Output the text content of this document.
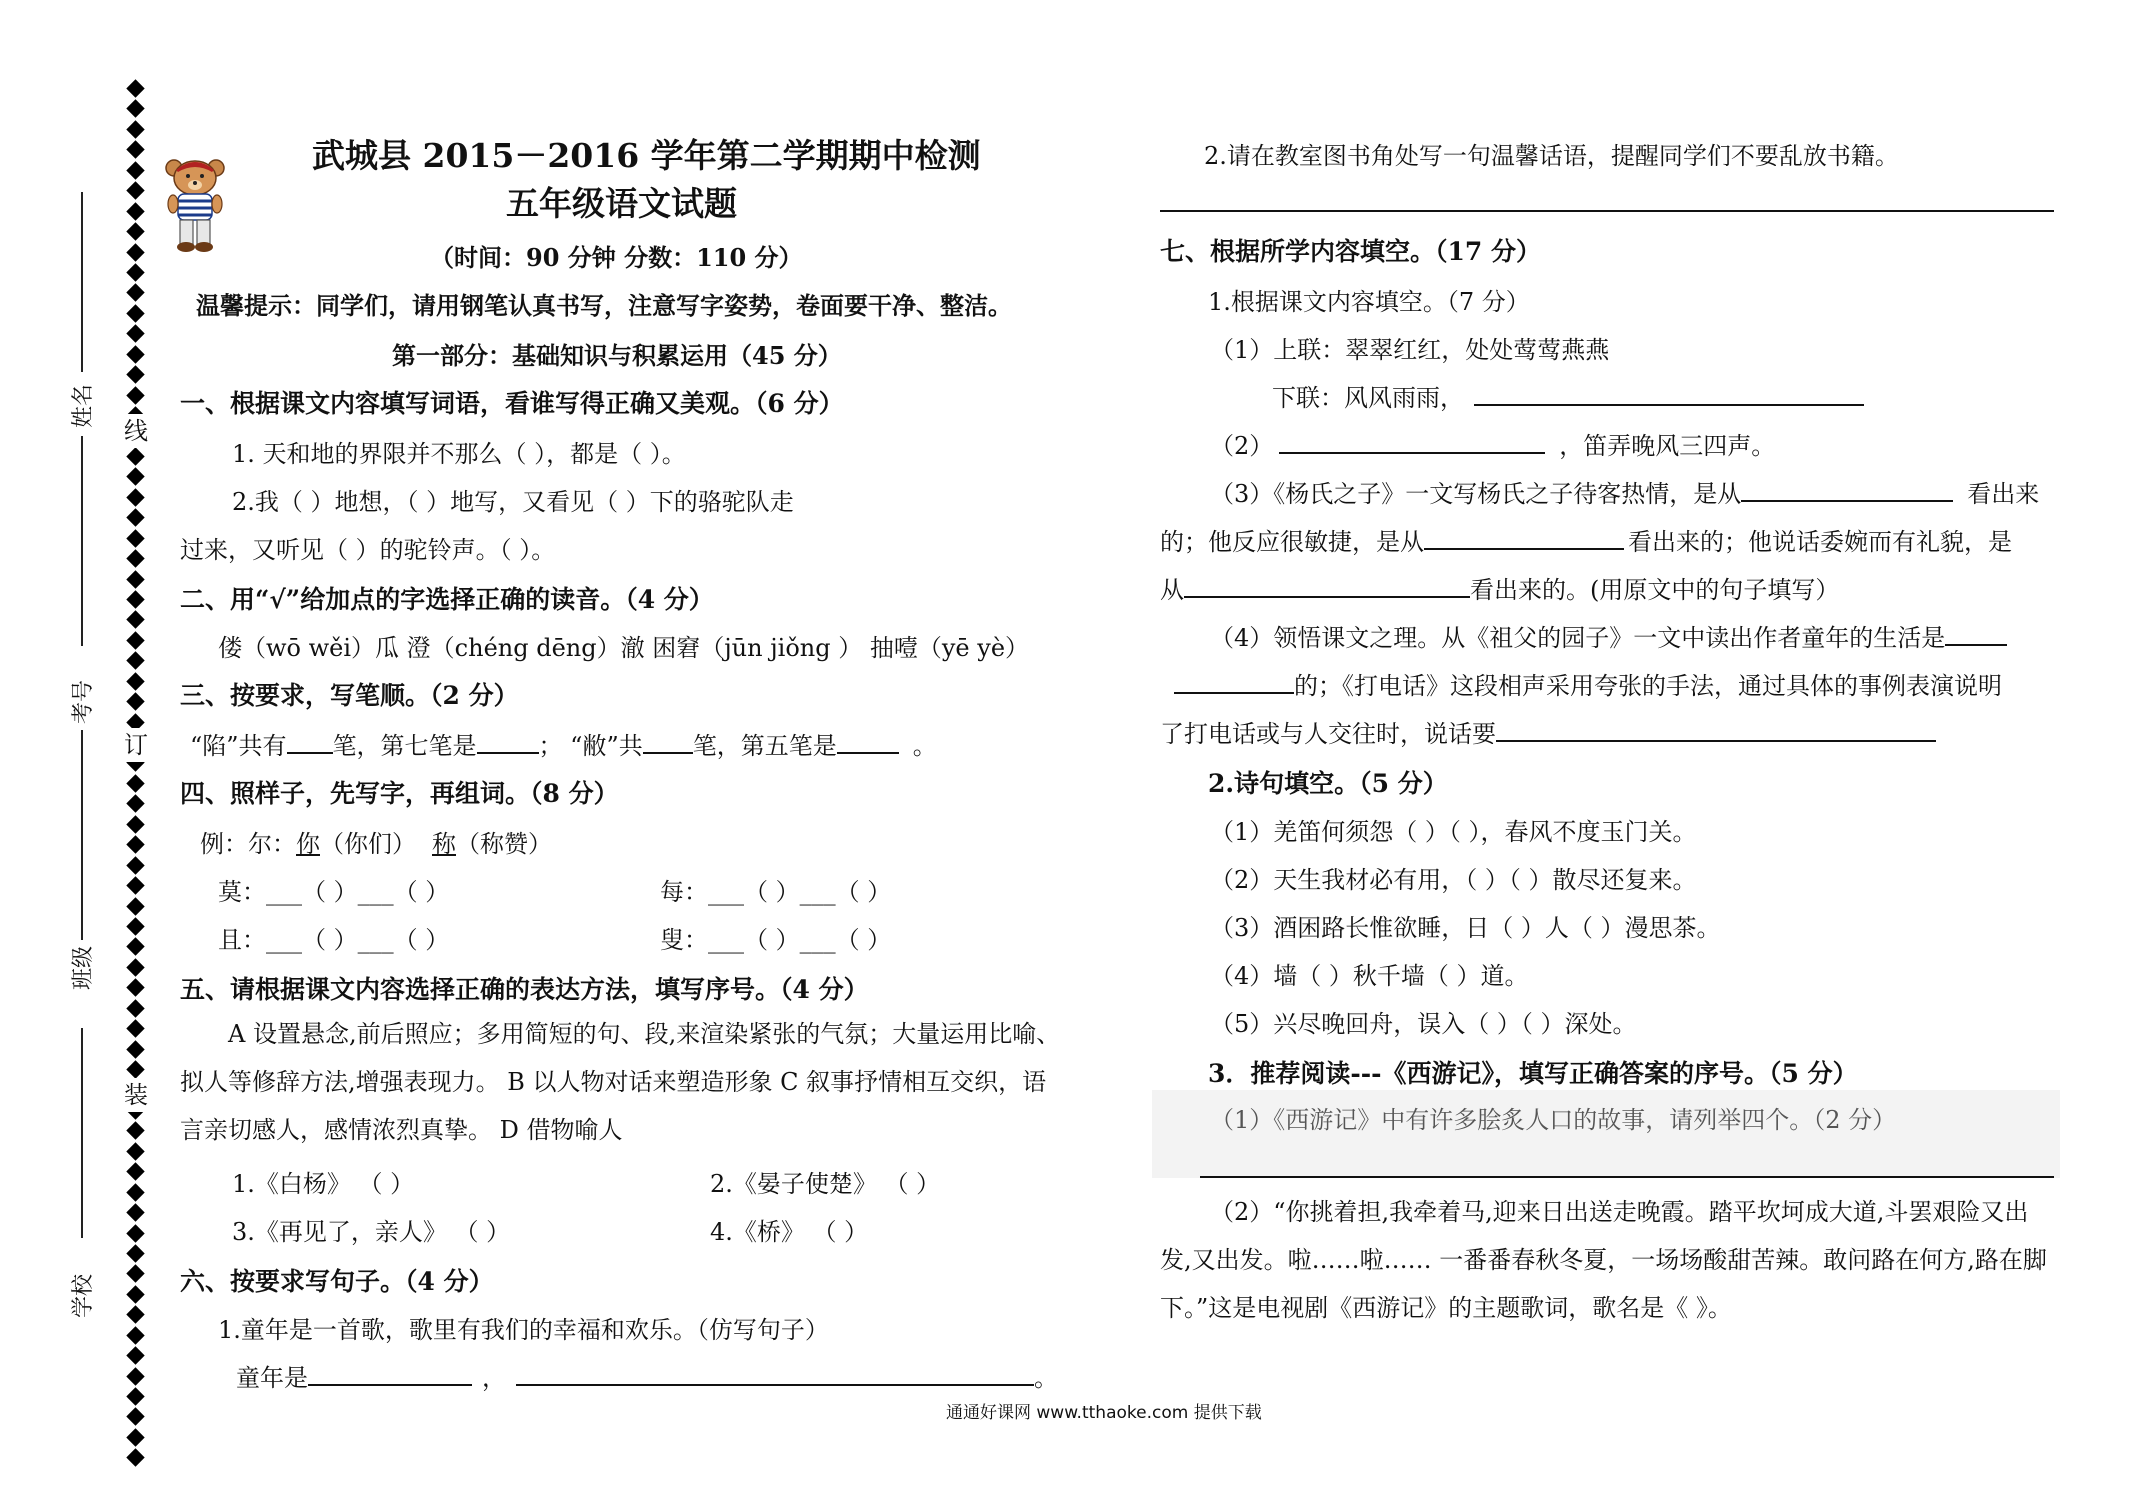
姓名
考号
班级
学校
线
订
装
武城县 2015－2016 学年第二学期期中检测
五年级语文试题
（时间：90 分钟 分数：110 分）
温馨提示：同学们，请用钢笔认真书写，注意写字姿势，卷面要干净、整洁。
第一部分：基础知识与积累运用（45 分）
一、根据课文内容填写词语，看谁写得正确又美观。（6 分）
1. 天和地的界限并不那么（ ），都是（ ）。
2.我（ ）地想，（ ）地写，又看见（ ）下的骆驼队走
过来，又听见（ ）的驼铃声。（ ）。
二、用“√”给加点的字选择正确的读音。（4 分）
偻（wō wěi）瓜 澄（chéng dēng）澈 困窘（jūn jiǒng ） 抽噎（yē yè）
三、按要求，写笔顺。（2 分）
“陷”共有 笔，第七笔是	； “敝”共 笔，第五笔是	。
四、照样子，先写字，再组词。（8 分）
例：尔：你（你们） 称（称赞）
莫：___（ ）___（ ）	每：___（ ）___（ ）
且：___（ ）___（ ）	叟：___（ ）___（ ）
五、请根据课文内容选择正确的表达方法，填写序号。（4 分）
A 设置悬念,前后照应；多用简短的句、段,来渲染紧张的气氛；大量运用比喻、拟人等修辞方法,增强表现力。 B 以人物对话来塑造形象 C 叙事抒情相互交织，语言亲切感人，感情浓烈真挚。 D 借物喻人
1.《白杨》 （ ）	2.《晏子使楚》 （ ）
3.《再见了，亲人》 （ ）	4.《桥》 （ ）
六、按要求写句子。（4 分）
1.童年是一首歌，歌里有我们的幸福和欢乐。（仿写句子）
童年是	，	。
2.请在教室图书角处写一句温馨话语，提醒同学们不要乱放书籍。
七、根据所学内容填空。（17 分）
1.根据课文内容填空。（7 分）
（1）上联：翠翠红红，处处莺莺燕燕
下联：风风雨雨，
（2）	，笛弄晚风三四声。
（3）《杨氏之子》一文写杨氏之子待客热情，是从	看出来
的；他反应很敏捷，是从	看出来的；他说话委婉而有礼貌，是
从	看出来的。(用原文中的句子填写）
（4）领悟课文之理。从《祖父的园子》一文中读出作者童年的生活是
的；《打电话》这段相声采用夸张的手法，通过具体的事例表演说明
了打电话或与人交往时，说话要
2.诗句填空。（5 分）
（1）羌笛何须怨（ ）（ ），春风不度玉门关。
（2）天生我材必有用，（ ）（ ）散尽还复来。
（3）酒困路长惟欲睡，日（ ）人（ ）漫思茶。
（4）墙（ ）秋千墙（ ）道。
（5）兴尽晚回舟，误入（ ）（ ）深处。
3．推荐阅读---《西游记》，填写正确答案的序号。（5 分）
（1）《西游记》中有许多脍炙人口的故事，请列举四个。（2 分）
（2）“你挑着担,我牵着马,迎来日出送走晚霞。踏平坎坷成大道,斗罢艰险又出发,又出发。啦……啦…… 一番番春秋冬夏，一场场酸甜苦辣。敢问路在何方,路在脚下。”这是电视剧《西游记》的主题歌词，歌名是《 》。
通通好课网 www.tthaoke.com 提供下载
